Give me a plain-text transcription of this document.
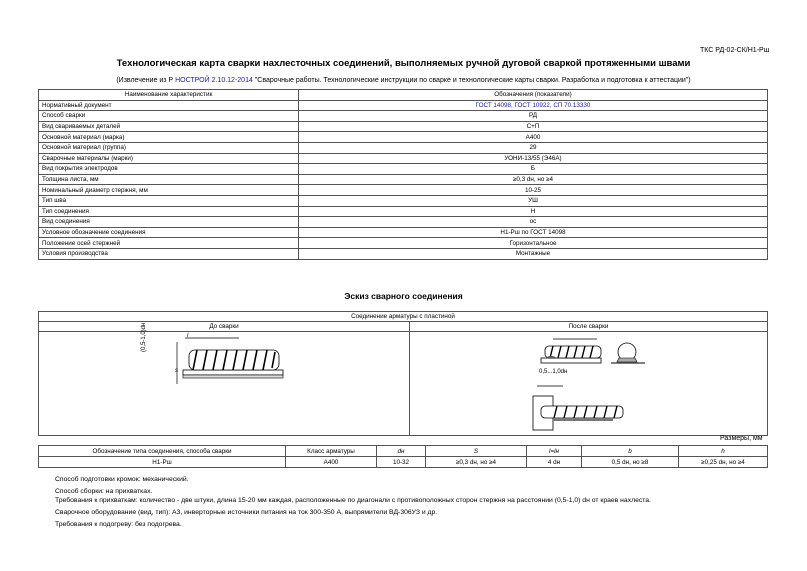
ТКС РД-02-СК/Н1-Рш
Технологическая карта сварки нахлесточных соединений, выполняемых ручной дуговой сваркой протяженными швами
(Извлечение из Р НОСТРОЙ 2.10.12-2014 "Сварочные работы. Технологические инструкции по сварке и технологические карты сварки. Разработка и подготовка к аттестации")
Наименование характеристик	Обозначения (показатели)
Нормативный документ	ГОСТ 14098, ГОСТ 10922, СП 70.13330
Способ сварки	РД
Вид свариваемых деталей	С+П
Основной материал (марка)	А400
Основной материал (группа)	29
Сварочные материалы (марки)	УОНИ-13/55 (Э46А)
Вид покрытия электродов	Б
Толщина листа, мм	≥0,3 dн, но ≥4
Номинальный диаметр стержня, мм	10-25
Тип шва	УШ
Тип соединения	Н
Вид соединения	ос
Условное обозначение соединения	Н1-Рш по ГОСТ 14098
Положение осей стержней	Горизонтальное
Условия производства	Монтажные
Эскиз сварного соединения
Соединение арматуры с пластиной
До сварки	После сварки
l
(0,5-1,0)dн
s	0,5...1,0dн
Размеры, мм
Обозначение типа соединения, способа сварки	Класс арматуры	dн	S	l=lн	b	h
Н1-Рш	А400	10-32	≥0,3 dн, но ≥4	4 dн	0,5 dн, но ≥8	≥0,25 dн, но ≥4
Способ подготовки кромок: механический.
Способ сборки: на прихватках.
Требования к прихваткам: количество - две штуки, длина 15-20 мм каждая, расположенные по диагонали с противоположных сторон стержня на расстоянии (0,5-1,0) dн от краев нахлеста.
Сварочное оборудование (вид, тип): А3, инверторные источники питания на ток 300-350 А, выпрямители ВД-306УЗ и др.
Требования к подогреву: без подогрева.
